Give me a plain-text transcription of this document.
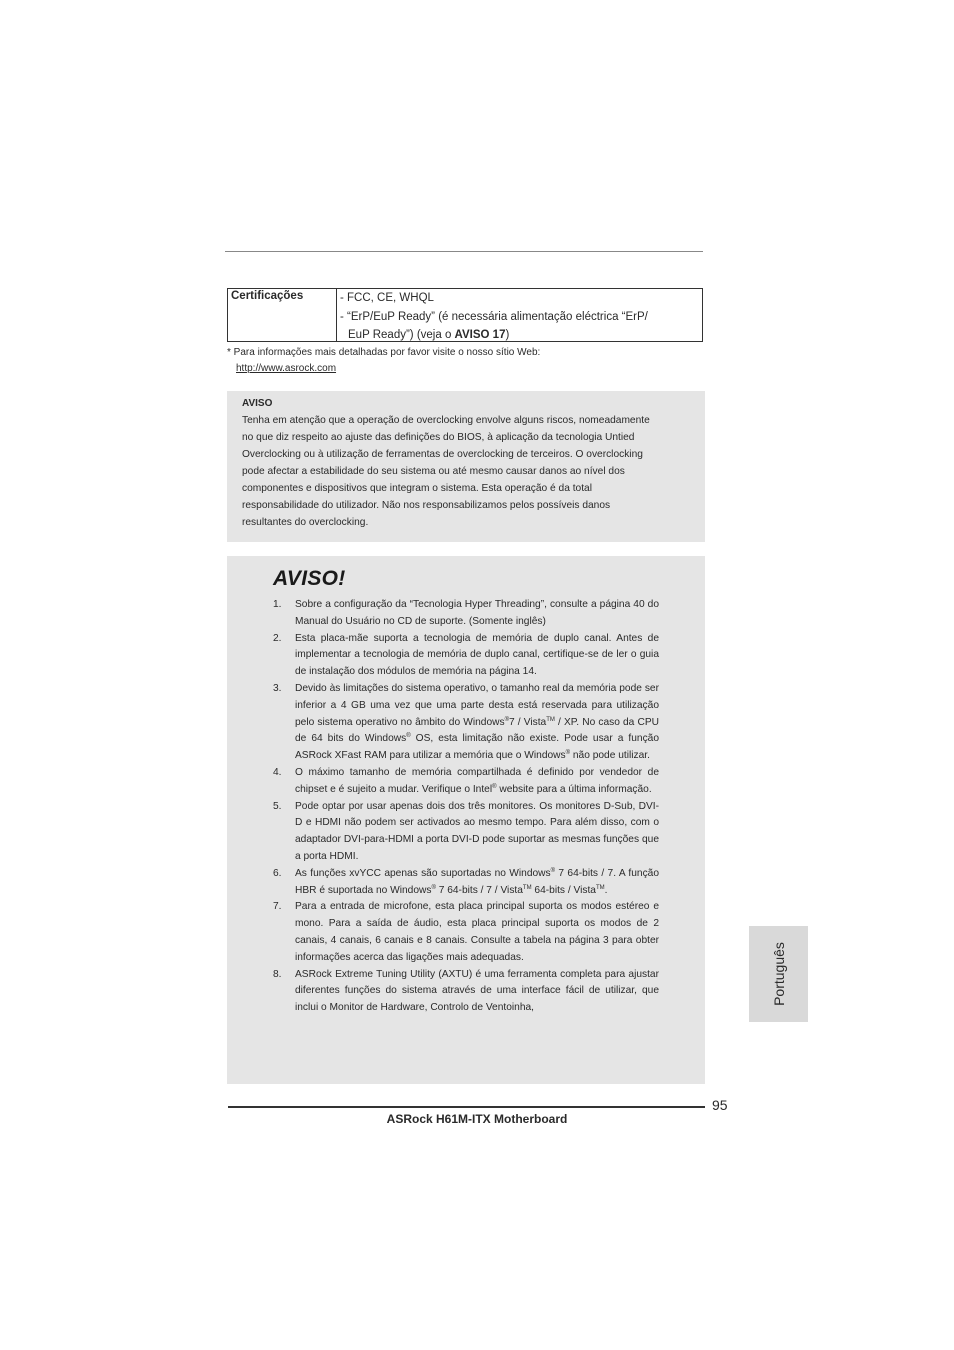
Certificações	- FCC, CE, WHQL
- “ErP/EuP Ready” (é necessária alimentação eléctrica “ErP/
EuP Ready”) (veja o AVISO 17)
* Para informações mais detalhadas por favor visite o nosso sítio Web:
http://www.asrock.com
AVISO
Tenha em atenção que a operação de overclocking envolve alguns riscos, nomeadamente
no que diz respeito ao ajuste das definições do BIOS, à aplicação da tecnologia Untied
Overclocking ou à utilização de ferramentas de overclocking de terceiros. O overclocking
pode afectar a estabilidade do seu sistema ou até mesmo causar danos ao nível dos
componentes e dispositivos que integram o sistema. Esta operação é da total
responsabilidade do utilizador. Não nos responsabilizamos pelos possíveis danos
resultantes do overclocking.
AVISO!
1. Sobre a configuração da “Tecnologia Hyper Threading”, consulte a página 40 do Manual do Usuário no CD de suporte. (Somente inglês)
2. Esta placa-mãe suporta a tecnologia de memória de duplo canal. Antes de implementar a tecnologia de memória de duplo canal, certifique-se de ler o guia de instalação dos módulos de memória na página 14.
3. Devido às limitações do sistema operativo, o tamanho real da memória pode ser inferior a 4 GB uma vez que uma parte desta está reservada para utilização pelo sistema operativo no âmbito do Windows®7 / Vista™ / XP. No caso da CPU de 64 bits do Windows® OS, esta limitação não existe. Pode usar a função ASRock XFast RAM para utilizar a memória que o Windows® não pode utilizar.
4. O máximo tamanho de memória compartilhada é definido por vendedor de chipset e é sujeito a mudar. Verifique o Intel® website para a última informação.
5. Pode optar por usar apenas dois dos três monitores. Os monitores D-Sub, DVI-D e HDMI não podem ser activados ao mesmo tempo. Para além disso, com o adaptador DVI-para-HDMI a porta DVI-D pode suportar as mesmas funções que a porta HDMI.
6. As funções xvYCC apenas são suportadas no Windows® 7 64-bits / 7. A função HBR é suportada no Windows® 7 64-bits / 7 / Vista™ 64-bits / Vista™.
7. Para a entrada de microfone, esta placa principal suporta os modos estéreo e mono. Para a saída de áudio, esta placa principal suporta os modos de 2 canais, 4 canais, 6 canais e 8 canais. Consulte a tabela na página 3 para obter informações acerca das ligações mais adequadas.
8. ASRock Extreme Tuning Utility (AXTU) é uma ferramenta completa para ajustar diferentes funções do sistema através de uma interface fácil de utilizar, que inclui o Monitor de Hardware, Controlo de Ventoinha,
Português
95
ASRock H61M-ITX Motherboard
